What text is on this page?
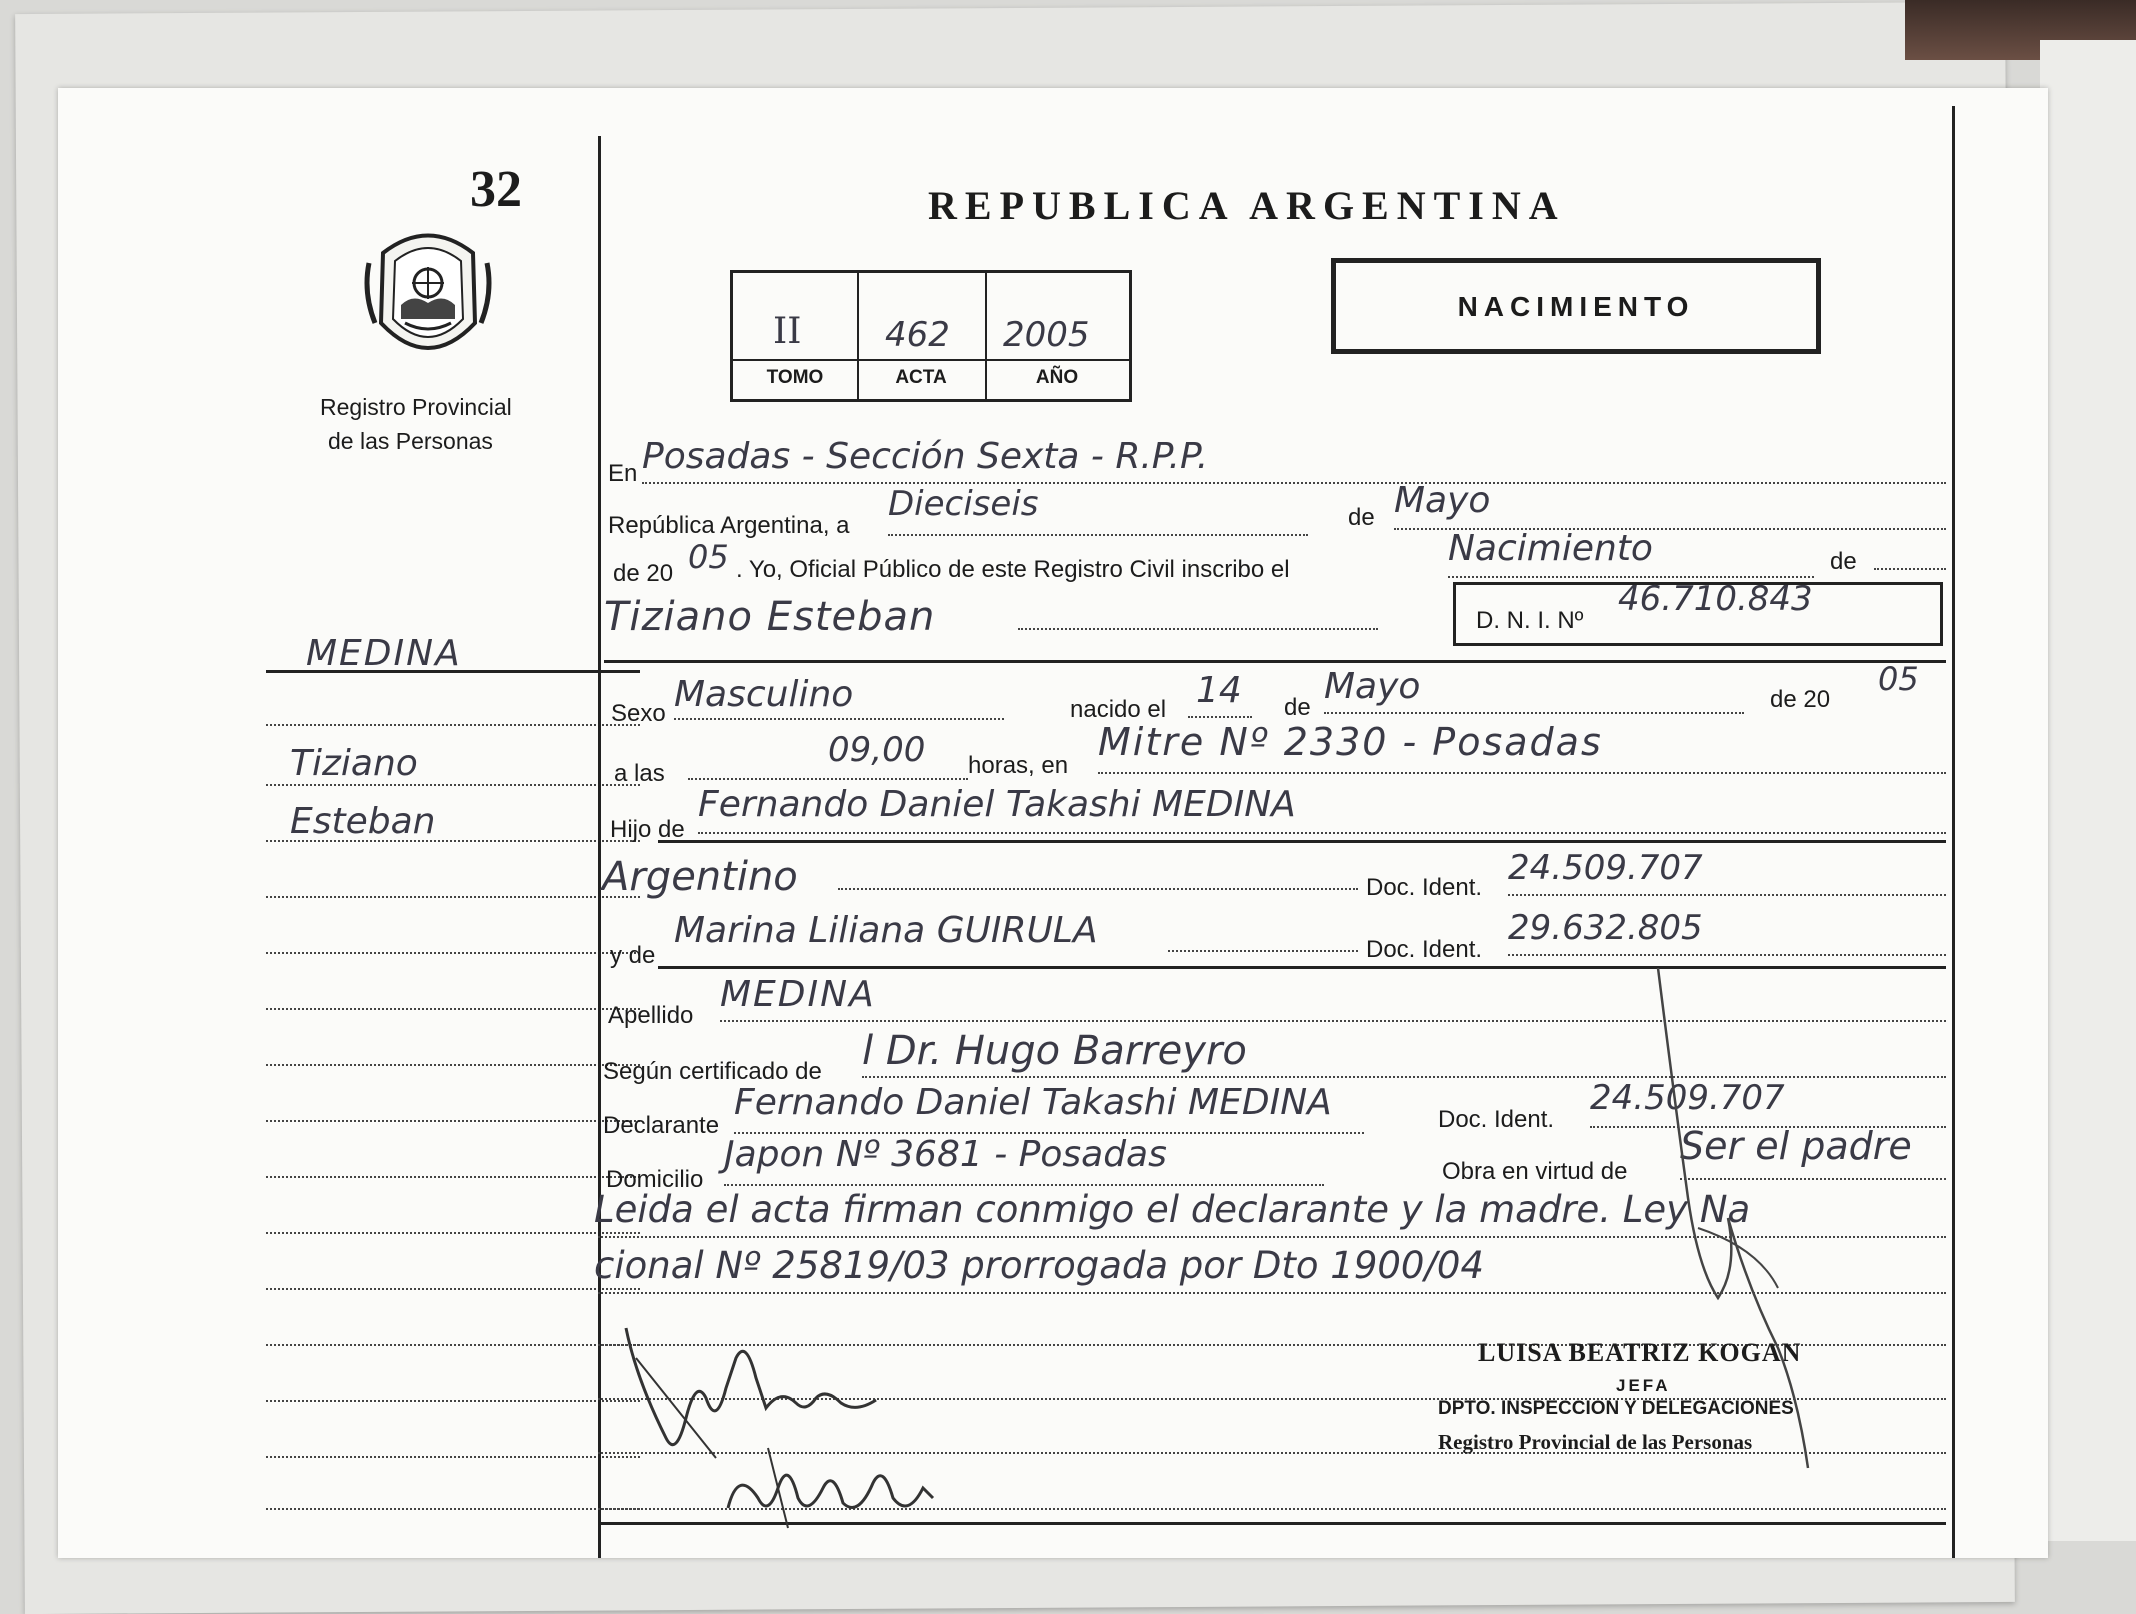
32
Registro Provincial
de las Personas
MEDINA
Tiziano
Esteban
REPUBLICA ARGENTINA
II 462 2005
TOMO	ACTA	AÑO
NACIMIENTO
En Posadas - Sección Sexta - R.P.P.
República Argentina, a
Dieciseis	de Mayo
de 20 05 . Yo, Oficial Público de este Registro Civil inscribo el
Nacimiento	de
Tiziano Esteban	D. N. I. Nº
46.710.843
Sexo Masculino	nacido el 14 de
Mayo	de 20
05
a las
09,00 horas, en
Mitre Nº 2330 - Posadas
Hijo de
Fernando Daniel Takashi MEDINA
Argentino	Doc. Ident. 24.509.707
y de
Marina Liliana GUIRULA	Doc. Ident.
29.632.805
Apellido
MEDINA
Según certificado de l Dr. Hugo Barreyro
Declarante
Fernando Daniel Takashi MEDINA	Doc. Ident.
24.509.707
Domicilio
Japon Nº 3681 - Posadas	Obra en virtud de
Ser el padre
Leida el acta firman conmigo el declarante y la madre. Ley Na
cional Nº 25819/03 prorrogada por Dto 1900/04
LUISA BEATRIZ KOGAN
JEFA
DPTO. INSPECCION Y DELEGACIONES
Registro Provincial de las Personas
